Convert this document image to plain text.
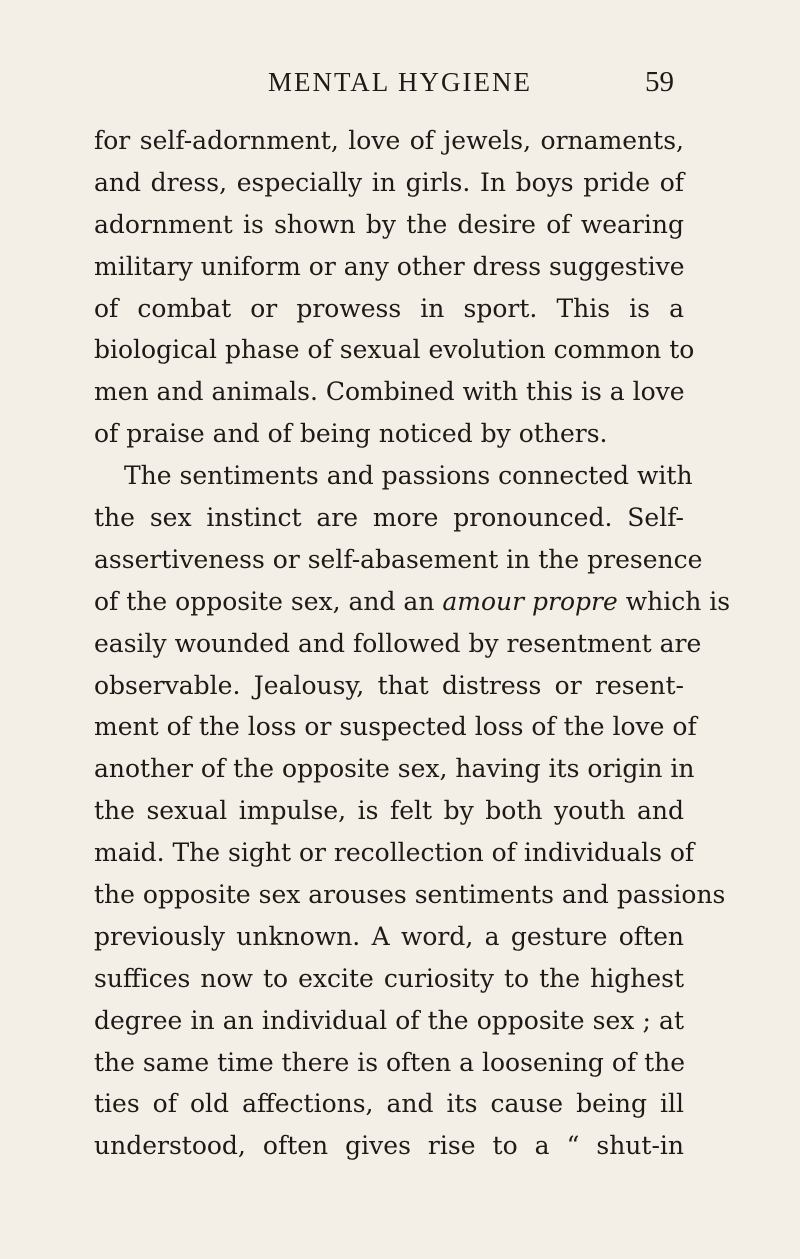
MENTAL HYGIENE	59
for self-adornment, love of jewels, ornaments,
and dress, especially in girls. In boys pride of
adornment is shown by the desire of wearing
military uniform or any other dress suggestive
of combat or prowess in sport. This is a
biological phase of sexual evolution common to
men and animals. Combined with this is a love
of praise and of being noticed by others.
The sentiments and passions connected with
the sex instinct are more pronounced. Self-
assertiveness or self-abasement in the presence
of the opposite sex, and an amour propre which is
easily wounded and followed by resentment are
observable. Jealousy, that distress or resent-
ment of the loss or suspected loss of the love of
another of the opposite sex, having its origin in
the sexual impulse, is felt by both youth and
maid. The sight or recollection of individuals of
the opposite sex arouses sentiments and passions
previously unknown. A word, a gesture often
suffices now to excite curiosity to the highest
degree in an individual of the opposite sex ; at
the same time there is often a loosening of the
ties of old affections, and its cause being ill
understood, often gives rise to a “ shut-in
